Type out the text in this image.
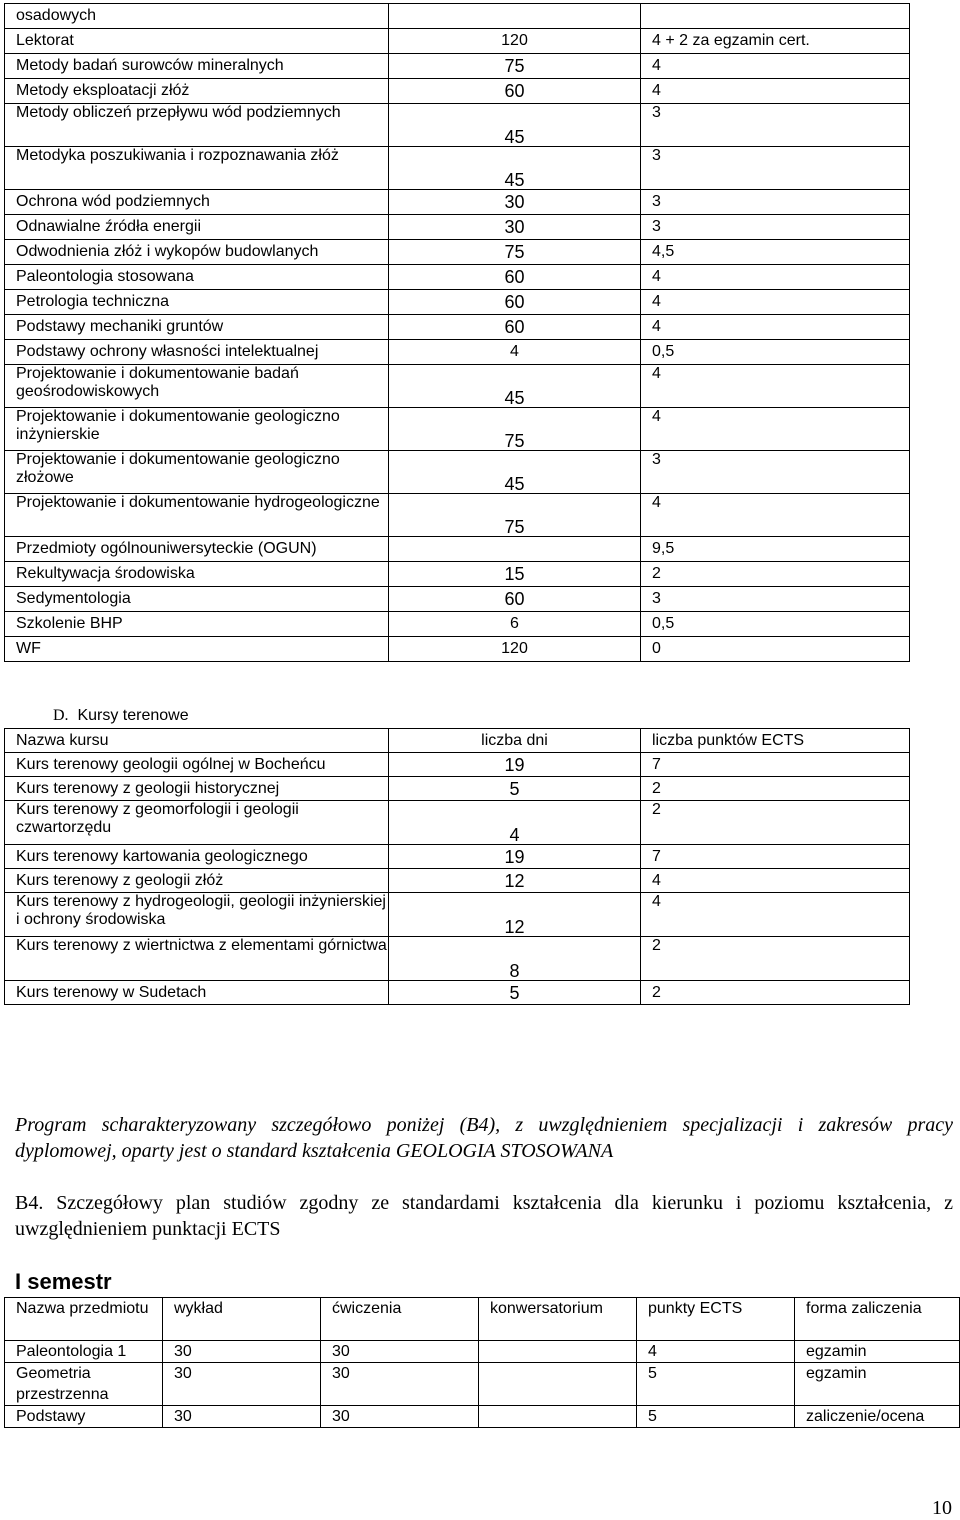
osadowych		
Lektorat	120	4 + 2 za egzamin cert.
Metody badań surowców mineralnych	75	4
Metody eksploatacji złóż	60	4
Metody obliczeń przepływu wód podziemnych	45	3
Metodyka poszukiwania i rozpoznawania złóż	45	3
Ochrona wód podziemnych	30	3
Odnawialne źródła energii	30	3
Odwodnienia złóż i wykopów budowlanych	75	4,5
Paleontologia stosowana	60	4
Petrologia techniczna	60	4
Podstawy mechaniki gruntów	60	4
Podstawy ochrony własności intelektualnej	4	0,5
Projektowanie i dokumentowanie badań geośrodowiskowych	45	4
Projektowanie i dokumentowanie geologiczno inżynierskie	75	4
Projektowanie i dokumentowanie geologiczno złożowe	45	3
Projektowanie i dokumentowanie hydrogeologiczne	75	4
Przedmioty ogólnouniwersyteckie (OGUN)		9,5
Rekultywacja środowiska	15	2
Sedymentologia	60	3
Szkolenie BHP	6	0,5
WF	120	0
D. Kursy terenowe
Nazwa kursu	liczba dni	liczba punktów ECTS
Kurs terenowy geologii ogólnej w Bocheńcu	19	7
Kurs terenowy z geologii historycznej	5	2
Kurs terenowy z geomorfologii i geologii czwartorzędu	4	2
Kurs terenowy kartowania geologicznego	19	7
Kurs terenowy z geologii złóż	12	4
Kurs terenowy z hydrogeologii, geologii inżynierskiej i ochrony środowiska	12	4
Kurs terenowy z wiertnictwa z elementami górnictwa	8	2
Kurs terenowy w Sudetach	5	2
Program scharakteryzowany szczegółowo poniżej (B4), z uwzględnieniem specjalizacji i zakresów pracy dyplomowej, oparty jest o standard kształcenia GEOLOGIA STOSOWANA
B4. Szczegółowy plan studiów zgodny ze standardami kształcenia dla kierunku i poziomu kształcenia, z uwzględnieniem punktacji ECTS
I semestr
Nazwa przedmiotu	wykład	ćwiczenia	konwersatorium	punkty ECTS	forma zaliczenia
Paleontologia 1	30	30		4	egzamin
Geometria przestrzenna	30	30		5	egzamin
Podstawy	30	30		5	zaliczenie/ocena
10
